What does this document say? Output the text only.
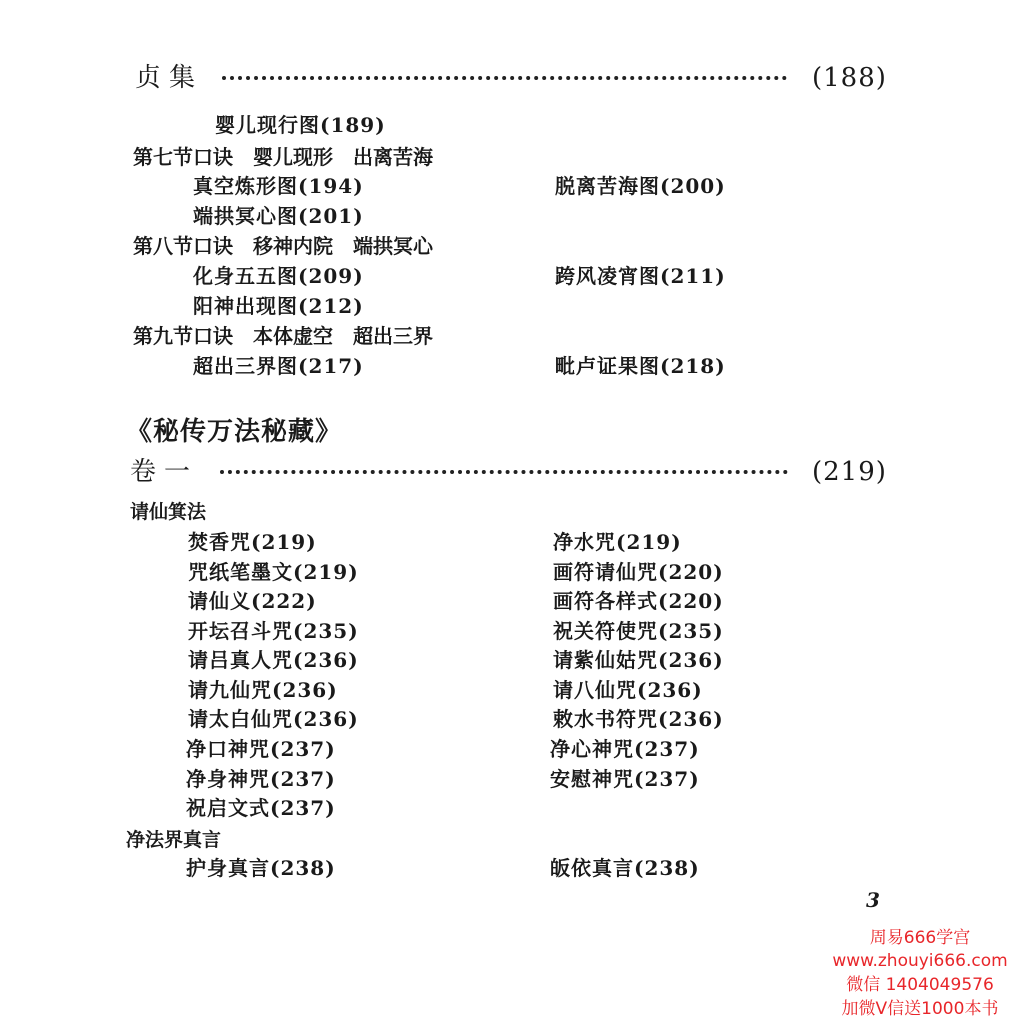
贞集	(188)
婴儿现行图(189)
第七节口诀　婴儿现形　出离苦海
真空炼形图(194)	脱离苦海图(200)
端拱冥心图(201)
第八节口诀　移神内院　端拱冥心
化身五五图(209)	跨风凌宵图(211)
阳神出现图(212)
第九节口诀　本体虚空　超出三界
超出三界图(217)	毗卢证果图(218)
《秘传万法秘藏》
卷一	(219)
请仙箕法
焚香咒(219)	净水咒(219)
咒纸笔墨文(219)	画符请仙咒(220)
请仙义(222)	画符各样式(220)
开坛召斗咒(235)	祝关符使咒(235)
请吕真人咒(236)	请紫仙姑咒(236)
请九仙咒(236)	请八仙咒(236)
请太白仙咒(236)	敕水书符咒(236)
净口神咒(237)	净心神咒(237)
净身神咒(237)	安慰神咒(237)
祝启文式(237)
净法界真言
护身真言(238)	皈依真言(238)
3
周易666学宫
www.zhouyi666.com
微信 1404049576
加微V信送1000本书
